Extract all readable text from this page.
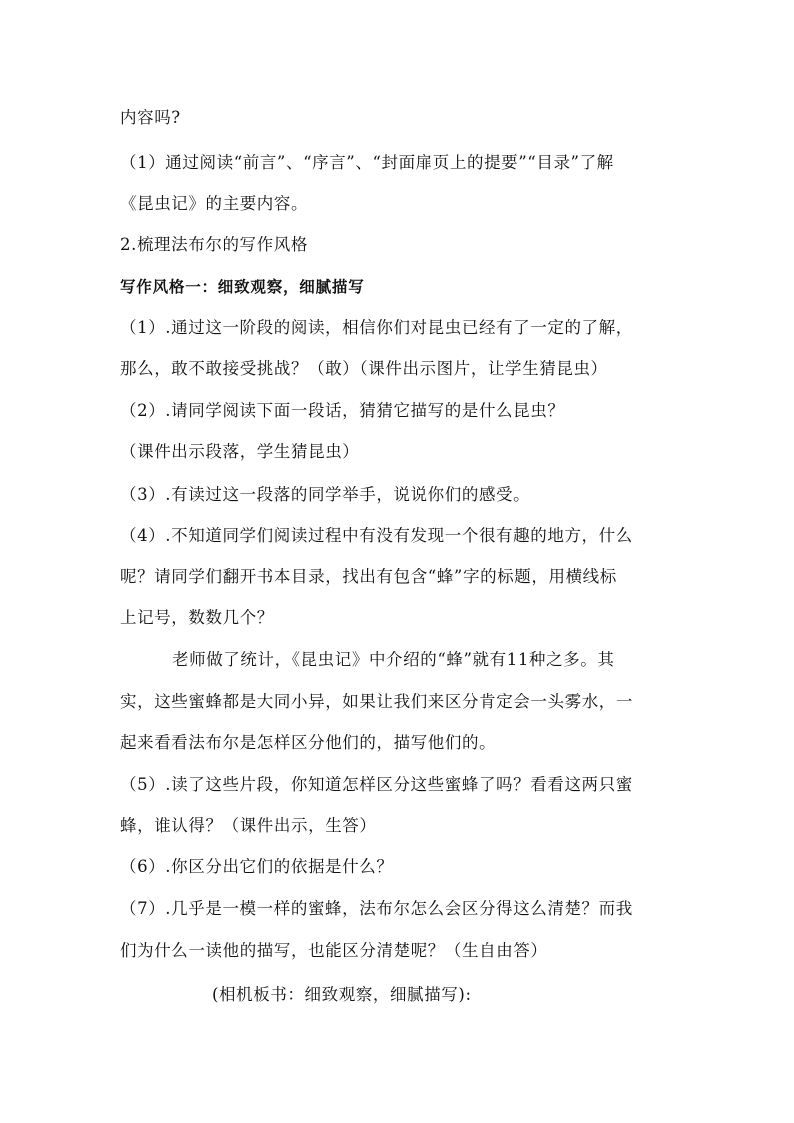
内容吗?
（1）通过阅读“前言”、“序言”、“封面扉页上的提要”“目录”了解
《昆虫记》的主要内容。
2.梳理法布尔的写作风格
写作风格一：细致观察，细腻描写
（1）.通过这一阶段的阅读，相信你们对昆虫已经有了一定的了解，
那么，敢不敢接受挑战？（敢）（课件出示图片，让学生猜昆虫）
（2）.请同学阅读下面一段话，猜猜它描写的是什么昆虫？
（课件出示段落，学生猜昆虫）
（3）.有读过这一段落的同学举手，说说你们的感受。
（4）.不知道同学们阅读过程中有没有发现一个很有趣的地方，什么
呢？请同学们翻开书本目录，找出有包含“蜂”字的标题，用横线标
上记号，数数几个？
老师做了统计，《昆虫记》中介绍的“蜂”就有11种之多。其
实，这些蜜蜂都是大同小异，如果让我们来区分肯定会一头雾水，一
起来看看法布尔是怎样区分他们的，描写他们的。
（5）.读了这些片段，你知道怎样区分这些蜜蜂了吗？看看这两只蜜
蜂，谁认得？（课件出示，生答）
（6）.你区分出它们的依据是什么？
（7）.几乎是一模一样的蜜蜂，法布尔怎么会区分得这么清楚？而我
们为什么一读他的描写，也能区分清楚呢？（生自由答）
(相机板书：细致观察，细腻描写):
